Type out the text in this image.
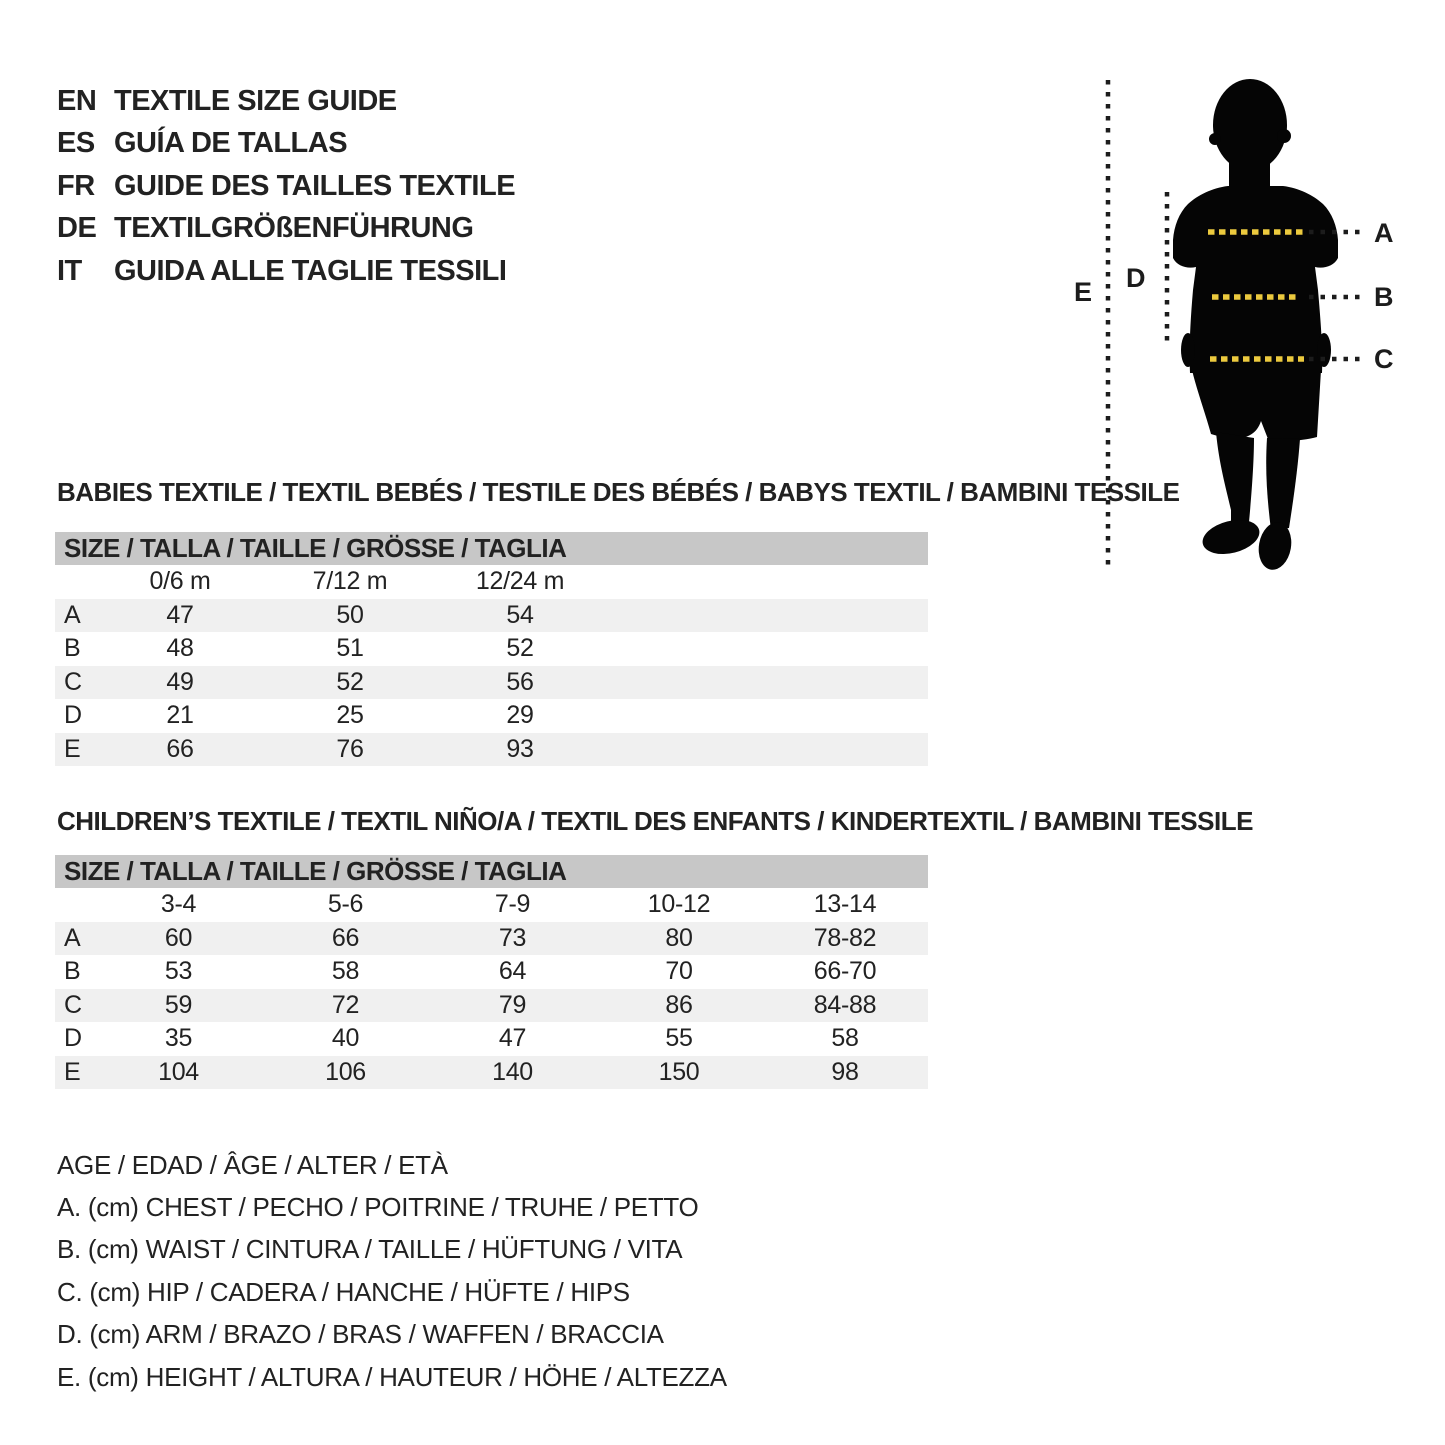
EN TEXTILE SIZE GUIDE
ES GUÍA DE TALLAS
FR GUIDE DES TAILLES TEXTILE
DE TEXTILGRÖßENFÜHRUNG
IT	GUIDA ALLE TAGLIE TESSILI
A
B
C
D
E
BABIES TEXTILE / TEXTIL BEBÉS / TESTILE DES BÉBÉS / BABYS TEXTIL / BAMBINI TESSILE
SIZE / TALLA / TAILLE / GRÖSSE / TAGLIA
0/6 m	7/12 m	12/24 m
A	47	50	54
B	48	51	52
C	49	52	56
D	21	25	29
E	66	76	93
CHILDREN’S TEXTILE / TEXTIL NIÑO/A / TEXTIL DES ENFANTS / KINDERTEXTIL / BAMBINI TESSILE
SIZE / TALLA / TAILLE / GRÖSSE / TAGLIA
3-4	5-6	7-9	10-12	13-14
A	60	66	73	80	78-82
B	53	58	64	70	66-70
C	59	72	79	86	84-88
D	35	40	47	55	58
E	104	106	140	150	98
AGE / EDAD / ÂGE / ALTER / ETÀ
A. (cm) CHEST / PECHO / POITRINE / TRUHE / PETTO
B. (cm) WAIST / CINTURA / TAILLE / HÜFTUNG / VITA
C. (cm) HIP / CADERA / HANCHE / HÜFTE / HIPS
D. (cm) ARM / BRAZO / BRAS / WAFFEN / BRACCIA
E. (cm) HEIGHT / ALTURA / HAUTEUR / HÖHE / ALTEZZA
